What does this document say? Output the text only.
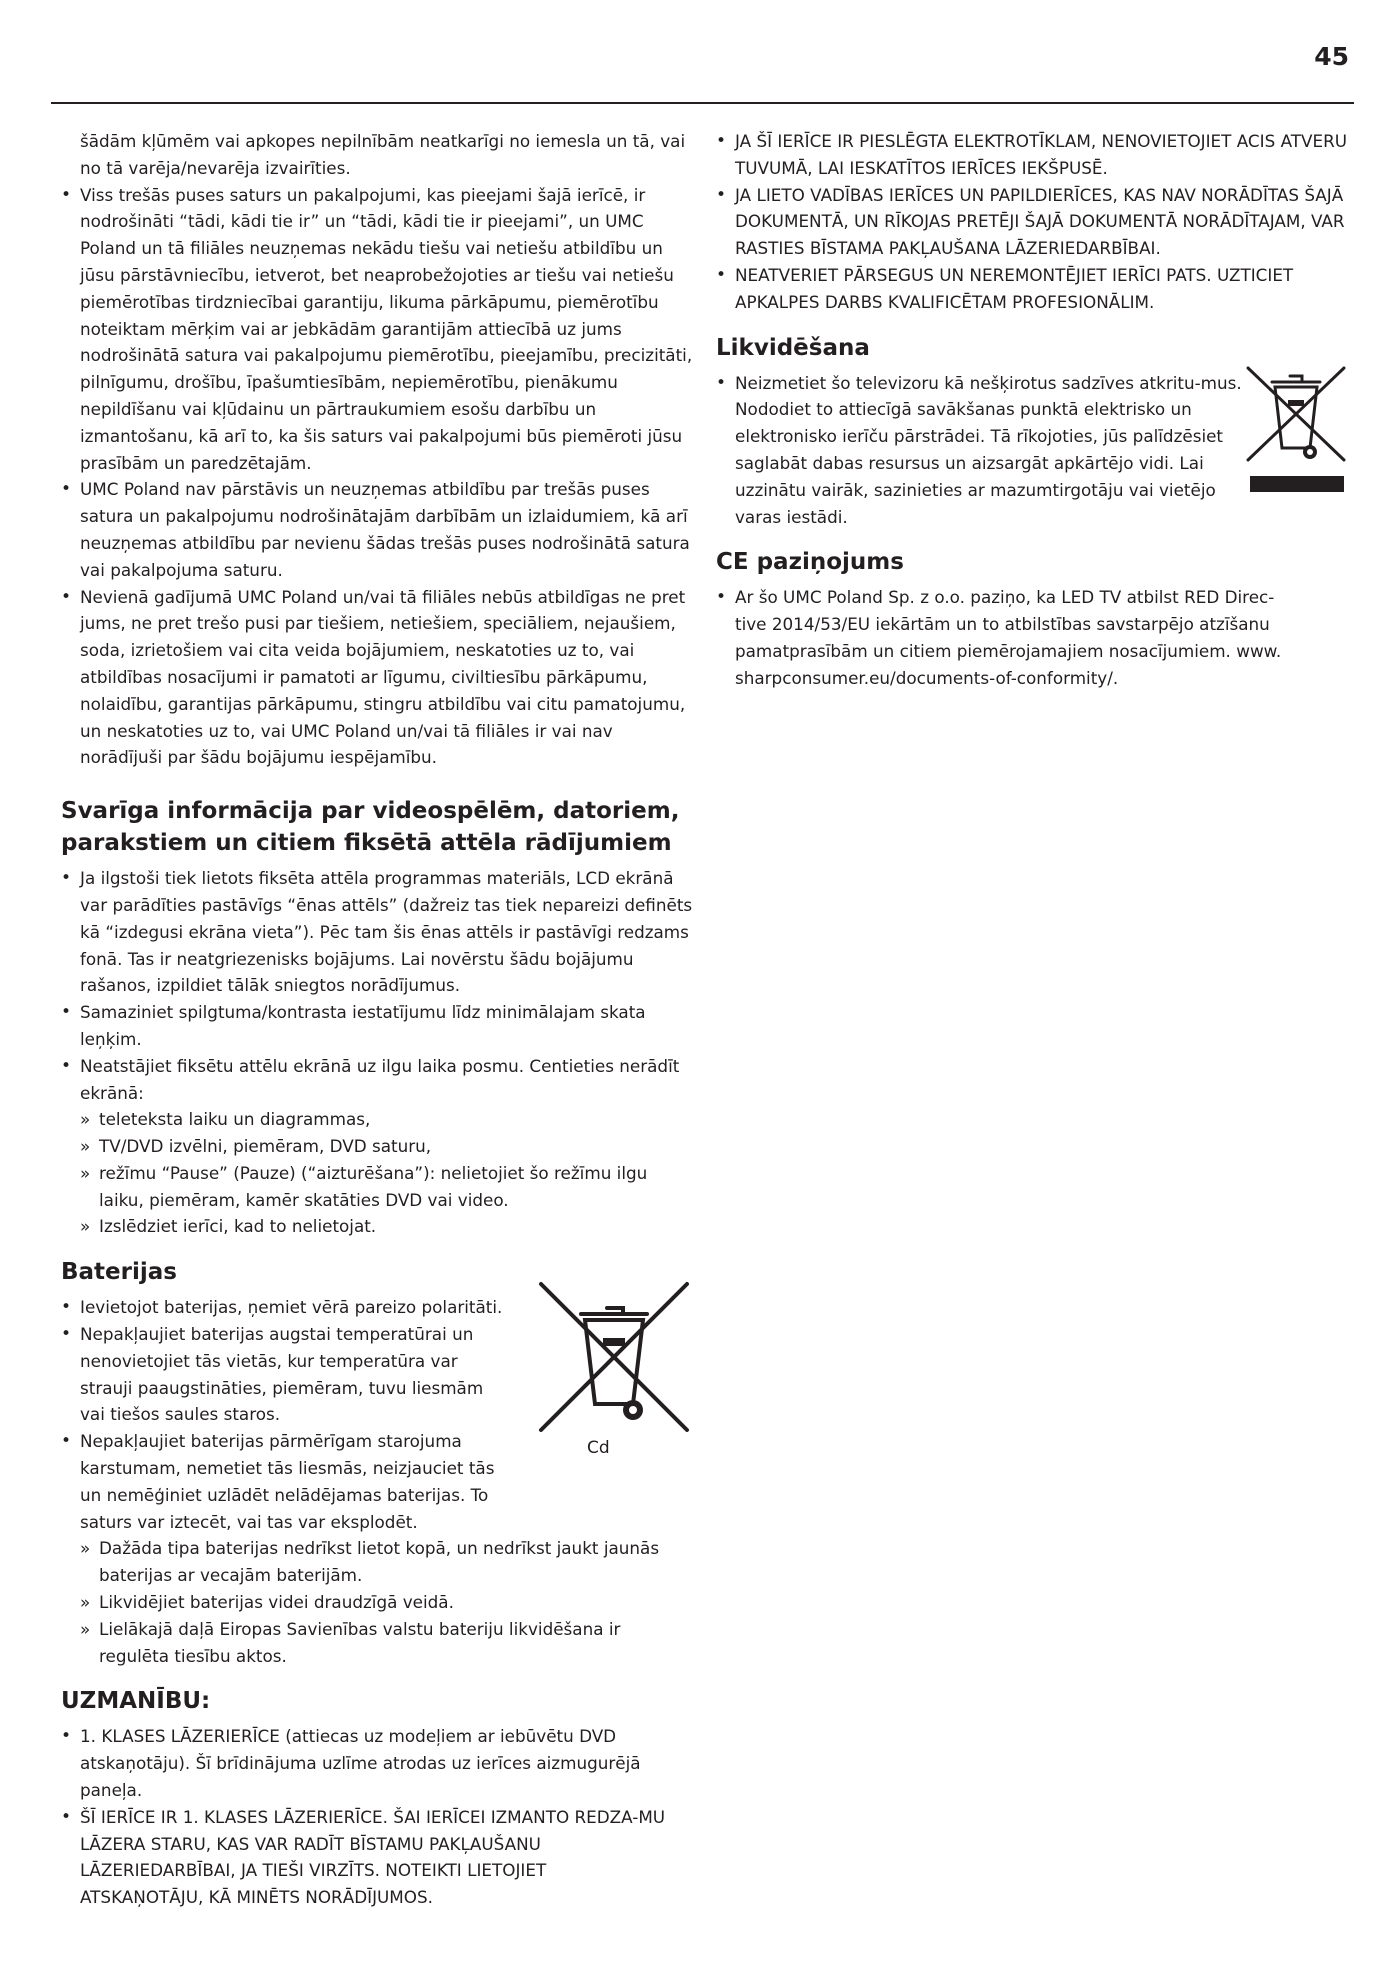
45

šādām kļūmēm vai apkopes nepilnībām neatkarīgi no iemesla un tā, vai no tā varēja/nevarēja izvairīties.

• Viss trešās puses saturs un pakalpojumi, kas pieejami šajā ierīcē, ir nodrošināti “tādi, kādi tie ir” un “tādi, kādi tie ir pieejami”, un UMC Poland un tā filiāles neuzņemas nekādu tiešu vai netiešu atbildību un jūsu pārstāvniecību, ietverot, bet neaprobežojoties ar tiešu vai netiešu piemērotības tirdzniecībai garantiju, likuma pārkāpumu, piemērotību noteiktam mērķim vai ar jebkādām garantijām attiecībā uz jums nodrošinātā satura vai pakalpojumu piemērotību, pieejamību, precizitāti, pilnīgumu, drošību, īpašumtiesībām, nepiemērotību, pienākumu nepildīšanu vai kļūdainu un pārtraukumiem esošu darbību un izmantošanu, kā arī to, ka šis saturs vai pakalpojumi būs piemēroti jūsu prasībām un paredzētajām.
• UMC Poland nav pārstāvis un neuzņemas atbildību par trešās puses satura un pakalpojumu nodrošinātajām darbībām un izlaidumiem, kā arī neuzņemas atbildību par nevienu šādas trešās puses nodrošinātā satura vai pakalpojuma saturu.
• Nevienā gadījumā UMC Poland un/vai tā filiāles nebūs atbildīgas ne pret jums, ne pret trešo pusi par tiešiem, netiešiem, speciāliem, nejaušiem, soda, izrietošiem vai cita veida bojājumiem, neskatoties uz to, vai atbildības nosacījumi ir pamatoti ar līgumu, civiltiesību pārkāpumu, nolaidību, garantijas pārkāpumu, stingru atbildību vai citu pamatojumu, un neskatoties uz to, vai UMC Poland un/vai tā filiāles ir vai nav norādījuši par šādu bojājumu iespējamību.
Svarīga informācija par videospēlēm, datoriem,
parakstiem un citiem fiksētā attēla rādījumiem
• Ja ilgstoši tiek lietots fiksēta attēla programmas materiāls, LCD ekrānā var parādīties pastāvīgs “ēnas attēls” (dažreiz tas tiek nepareizi definēts kā “izdegusi ekrāna vieta”). Pēc tam šis ēnas attēls ir pastāvīgi redzams fonā. Tas ir neatgriezenisks bojājums. Lai novērstu šādu bojājumu rašanos, izpildiet tālāk sniegtos norādījumus.
• Samaziniet spilgtuma/kontrasta iestatījumu līdz minimālajam skata leņķim.
• Neatstājiet fiksētu attēlu ekrānā uz ilgu laika posmu. Centieties nerādīt ekrānā:
» teleteksta laiku un diagrammas,
» TV/DVD izvēlni, piemēram, DVD saturu,
» režīmu “Pause” (Pauze) (“aizturēšana”): nelietojiet šo režīmu ilgu laiku, piemēram, kamēr skatāties DVD vai video.
» Izslēdziet ierīci, kad to nelietojat.
Baterijas
• Ievietojot baterijas, ņemiet vērā pareizo polaritāti.
• Nepakļaujiet baterijas augstai temperatūrai un nenovietojiet tās vietās, kur temperatūra var strauji paaugstināties, piemēram, tuvu liesmām vai tiešos saules staros.
• Nepakļaujiet baterijas pārmērīgam starojuma karstumam, nemetiet tās liesmās, neizjauciet tās un nemēģiniet uzlādēt nelādējamas baterijas. To saturs var iztecēt, vai tas var eksplodēt.
» Dažāda tipa baterijas nedrīkst lietot kopā, un nedrīkst jaukt jaunās baterijas ar vecajām baterijām.
» Likvidējiet baterijas videi draudzīgā veidā.
» Lielākajā daļā Eiropas Savienības valstu bateriju likvidēšana ir regulēta tiesību aktos.
UZMANĪBU:
• 1. KLASES LĀZERIERĪCE (attiecas uz modeļiem ar iebūvētu DVD atskaņotāju). Šī brīdinājuma uzlīme atrodas uz ierīces aizmugurējā paneļa.
• ŠĪ IERĪCE IR 1. KLASES LĀZERIERĪCE. ŠAI IERĪCEI IZMANTO REDZA-MU LĀZERA STARU, KAS VAR RADĪT BĪSTAMU PAKĻAUŠANU LĀZERIEDARBĪBAI, JA TIEŠI VIRZĪTS. NOTEIKTI LIETOJIET ATSKAŅOTĀJU, KĀ MINĒTS NORĀDĪJUMOS.

Cd

• JA ŠĪ IERĪCE IR PIESLĒGTA ELEKTROTĪKLAM, NENOVIETOJIET ACIS ATVERU TUVUMĀ, LAI IESKATĪTOS IERĪCES IEKŠPUSĒ.
• JA LIETO VADĪBAS IERĪCES UN PAPILDIERĪCES, KAS NAV NORĀDĪTAS ŠAJĀ DOKUMENTĀ, UN RĪKOJAS PRETĒJI ŠAJĀ DOKUMENTĀ NORĀDĪTAJAM, VAR RASTIES BĪSTAMA PAKĻAUŠANA LĀZERIEDARBĪBAI.
• NEATVERIET PĀRSEGUS UN NEREMONTĒJIET IERĪCI PATS. UZTICIET APKALPES DARBS KVALIFICĒTAM PROFESIONĀLIM.
Likvidēšana
• Neizmetiet šo televizoru kā nešķirotus sadzīves atkritu-mus. Nododiet to attiecīgā savākšanas punktā elektrisko un elektronisko ierīču pārstrādei. Tā rīkojoties, jūs palīdzēsiet saglabāt dabas resursus un aizsargāt apkārtējo vidi. Lai uzzinātu vairāk, sazinieties ar mazumtirgotāju vai vietējo varas iestādi.
CE paziņojums
• Ar šo UMC Poland Sp. z o.o. paziņo, ka LED TV atbilst RED Direc-tive 2014/53/EU iekārtām un to atbilstības savstarpējo atzīšanu pamatprasībām un citiem piemērojamajiem nosacījumiem. www. sharpconsumer.eu/documents-of-conformity/.
